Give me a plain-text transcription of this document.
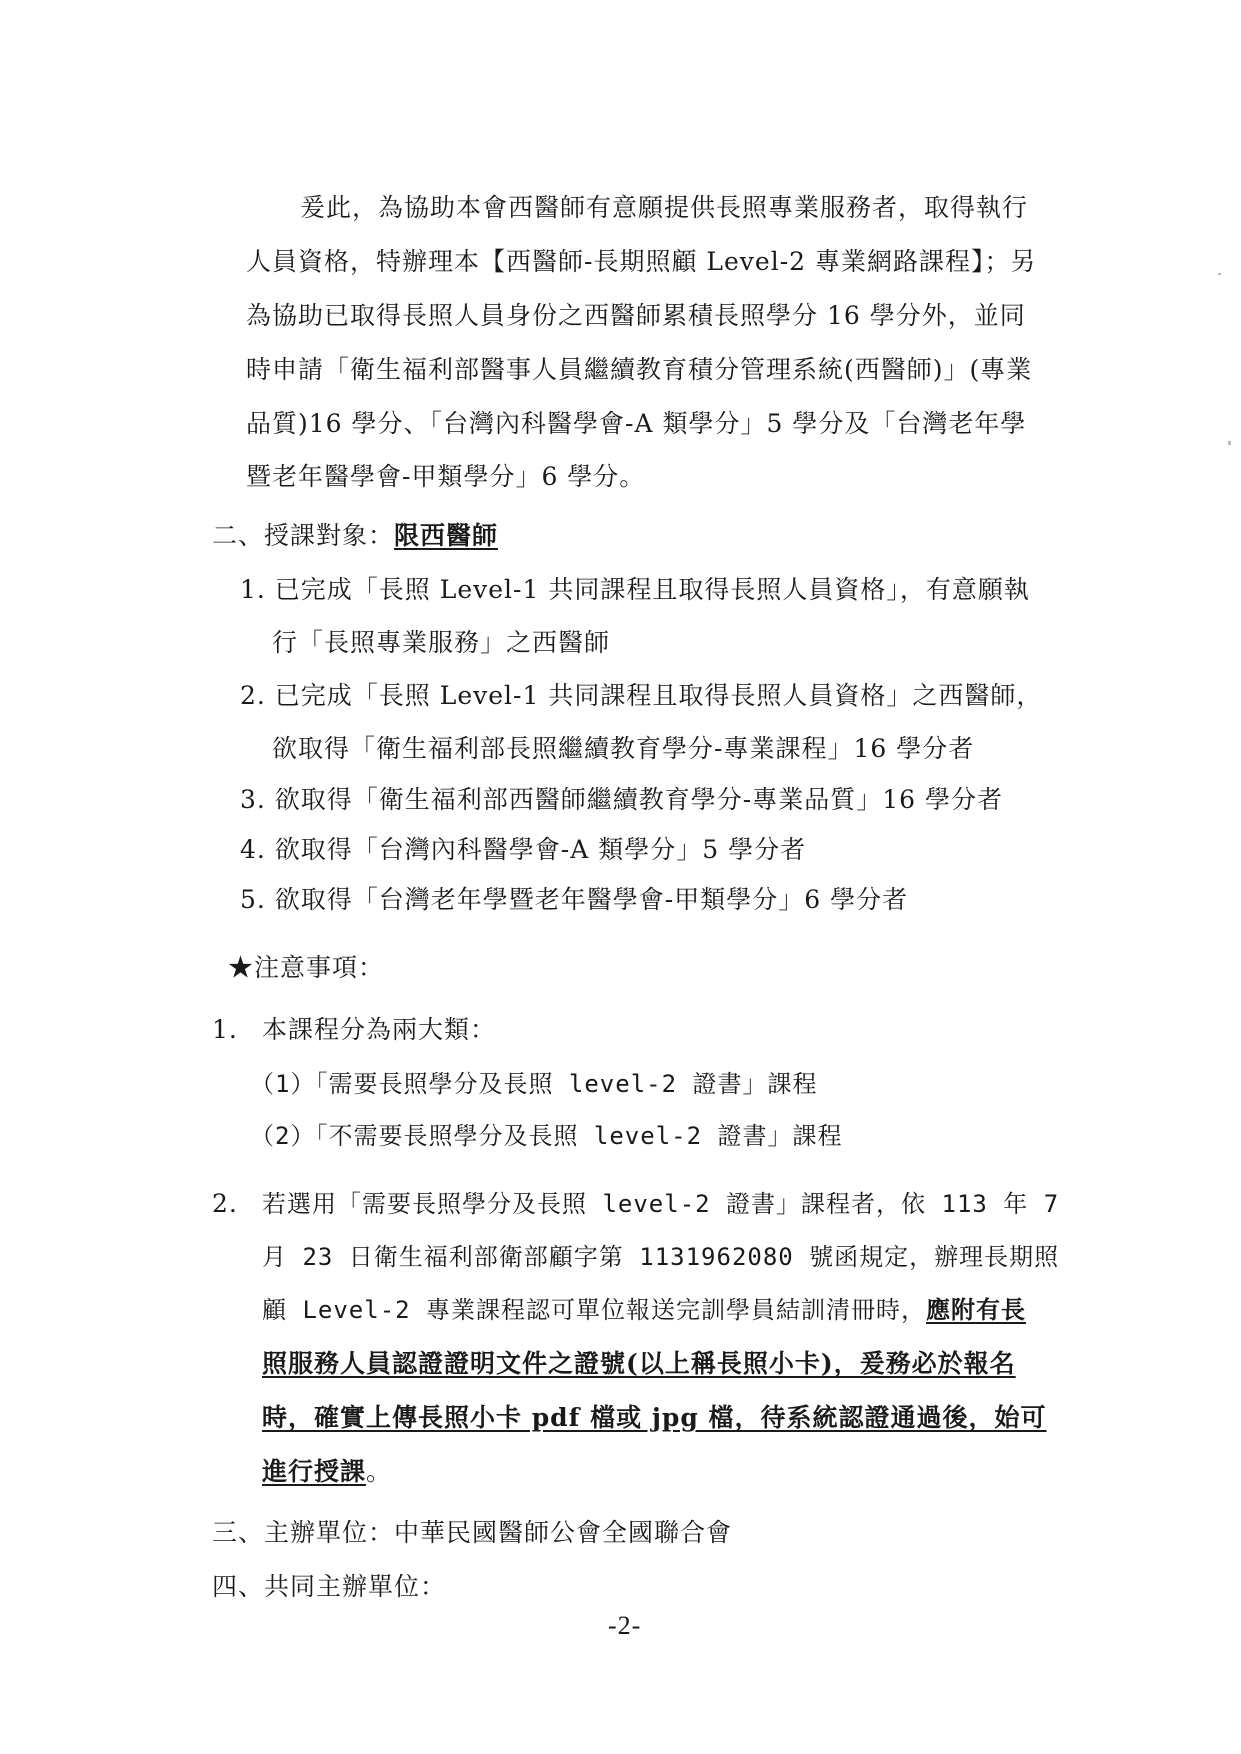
爰此，為協助本會西醫師有意願提供長照專業服務者，取得執行
人員資格，特辦理本【西醫師-長期照顧 Level-2 專業網路課程】；另
為協助已取得長照人員身份之西醫師累積長照學分 16 學分外，並同
時申請「衛生福利部醫事人員繼續教育積分管理系統(西醫師)」(專業
品質)16 學分、「台灣內科醫學會-A 類學分」5 學分及「台灣老年學
暨老年醫學會-甲類學分」6 學分。
二、授課對象：限西醫師
1. 已完成「長照 Level-1 共同課程且取得長照人員資格」，有意願執
行「長照專業服務」之西醫師
2. 已完成「長照 Level-1 共同課程且取得長照人員資格」之西醫師，
欲取得「衛生福利部長照繼續教育學分-專業課程」16 學分者
3. 欲取得「衛生福利部西醫師繼續教育學分-專業品質」16 學分者
4. 欲取得「台灣內科醫學會-A 類學分」5 學分者
5. 欲取得「台灣老年學暨老年醫學會-甲類學分」6 學分者
★注意事項：
1. 本課程分為兩大類：
（1）「需要長照學分及長照 level-2 證書」課程
（2）「不需要長照學分及長照 level-2 證書」課程
2. 若選用「需要長照學分及長照 level-2 證書」課程者，依 113 年 7
月 23 日衛生福利部衛部顧字第 1131962080 號函規定，辦理長期照
顧 Level-2 專業課程認可單位報送完訓學員結訓清冊時，應附有長
照服務人員認證證明文件之證號(以上稱長照小卡)，爰務必於報名
時，確實上傳長照小卡 pdf 檔或 jpg 檔，待系統認證通過後，始可
進行授課。
三、主辦單位：中華民國醫師公會全國聯合會
四、共同主辦單位：
-2-
